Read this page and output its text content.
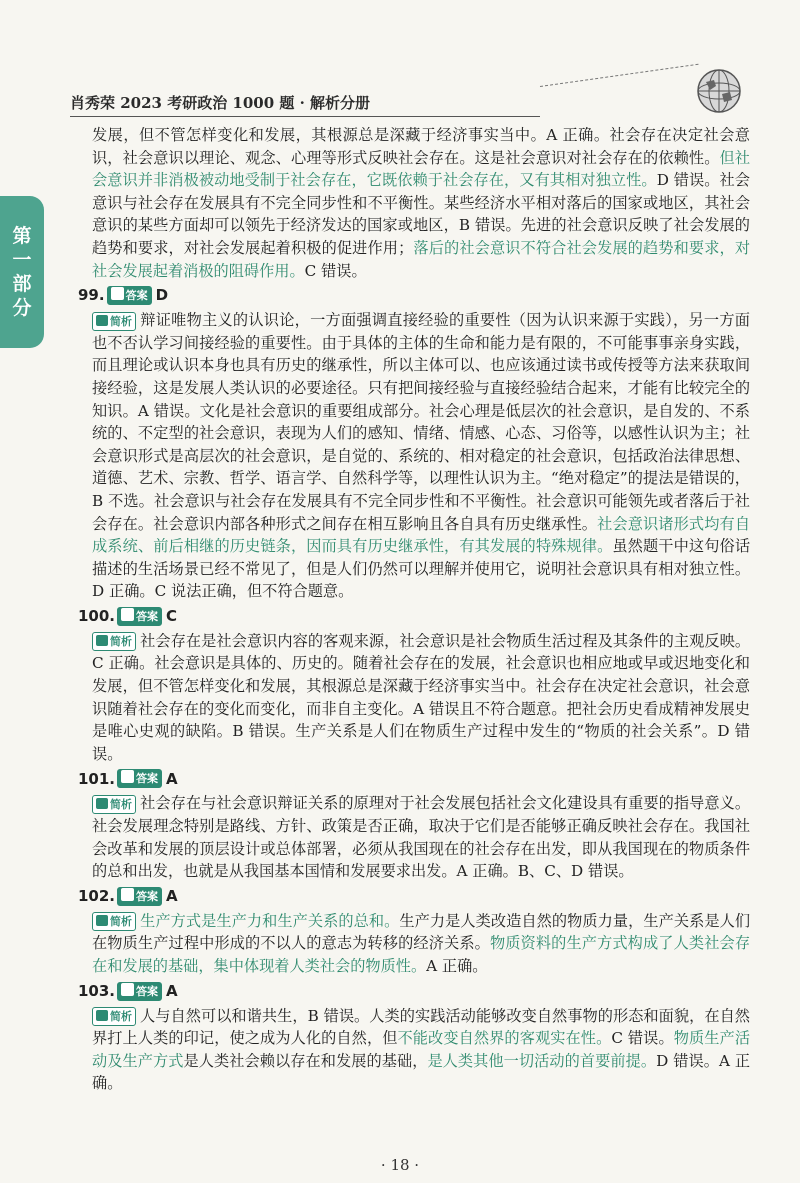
肖秀荣 2023 考研政治 1000 题 · 解析分册
第
一
部
分

发展，但不管怎样变化和发展，其根源总是深藏于经济事实当中。A 正确。社会存在决定社会意识，社会意识以理论、观念、心理等形式反映社会存在。这是社会意识对社会存在的依赖性。但社会意识并非消极被动地受制于社会存在，它既依赖于社会存在，又有其相对独立性。D 错误。社会意识与社会存在发展具有不完全同步性和不平衡性。某些经济水平相对落后的国家或地区，其社会意识的某些方面却可以领先于经济发达的国家或地区，B 错误。先进的社会意识反映了社会发展的趋势和要求，对社会发展起着积极的促进作用；落后的社会意识不符合社会发展的趋势和要求，对社会发展起着消极的阻碍作用。C 错误。

99.	答案 D

简析 辩证唯物主义的认识论，一方面强调直接经验的重要性（因为认识来源于实践），另一方面也不否认学习间接经验的重要性。由于具体的主体的生命和能力是有限的，不可能事事亲身实践，而且理论或认识本身也具有历史的继承性，所以主体可以、也应该通过读书或传授等方法来获取间接经验，这是发展人类认识的必要途径。只有把间接经验与直接经验结合起来，才能有比较完全的知识。A 错误。文化是社会意识的重要组成部分。社会心理是低层次的社会意识，是自发的、不系统的、不定型的社会意识，表现为人们的感知、情绪、情感、心态、习俗等，以感性认识为主；社会意识形式是高层次的社会意识，是自觉的、系统的、相对稳定的社会意识，包括政治法律思想、道德、艺术、宗教、哲学、语言学、自然科学等，以理性认识为主。“绝对稳定”的提法是错误的，B 不选。社会意识与社会存在发展具有不完全同步性和不平衡性。社会意识可能领先或者落后于社会存在。社会意识内部各种形式之间存在相互影响且各自具有历史继承性。社会意识诸形式均有自成系统、前后相继的历史链条，因而具有历史继承性，有其发展的特殊规律。虽然题干中这句俗话描述的生活场景已经不常见了，但是人们仍然可以理解并使用它，说明社会意识具有相对独立性。D 正确。C 说法正确，但不符合题意。

100.	答案 C

简析 社会存在是社会意识内容的客观来源，社会意识是社会物质生活过程及其条件的主观反映。C 正确。社会意识是具体的、历史的。随着社会存在的发展，社会意识也相应地或早或迟地变化和发展，但不管怎样变化和发展，其根源总是深藏于经济事实当中。社会存在决定社会意识，社会意识随着社会存在的变化而变化，而非自主变化。A 错误且不符合题意。把社会历史看成精神发展史是唯心史观的缺陷。B 错误。生产关系是人们在物质生产过程中发生的“物质的社会关系”。D 错误。

101.	答案 A

简析 社会存在与社会意识辩证关系的原理对于社会发展包括社会文化建设具有重要的指导意义。社会发展理念特别是路线、方针、政策是否正确，取决于它们是否能够正确反映社会存在。我国社会改革和发展的顶层设计或总体部署，必须从我国现在的社会存在出发，即从我国现在的物质条件的总和出发，也就是从我国基本国情和发展要求出发。A 正确。B、C、D 错误。

102.	答案 A

简析 生产方式是生产力和生产关系的总和。生产力是人类改造自然的物质力量，生产关系是人们在物质生产过程中形成的不以人的意志为转移的经济关系。物质资料的生产方式构成了人类社会存在和发展的基础，集中体现着人类社会的物质性。A 正确。

103.	答案 A

简析 人与自然可以和谐共生，B 错误。人类的实践活动能够改变自然事物的形态和面貌，在自然界打上人类的印记，使之成为人化的自然，但不能改变自然界的客观实在性。C 错误。物质生产活动及生产方式是人类社会赖以存在和发展的基础，是人类其他一切活动的首要前提。D 错误。A 正确。

· 18 ·
